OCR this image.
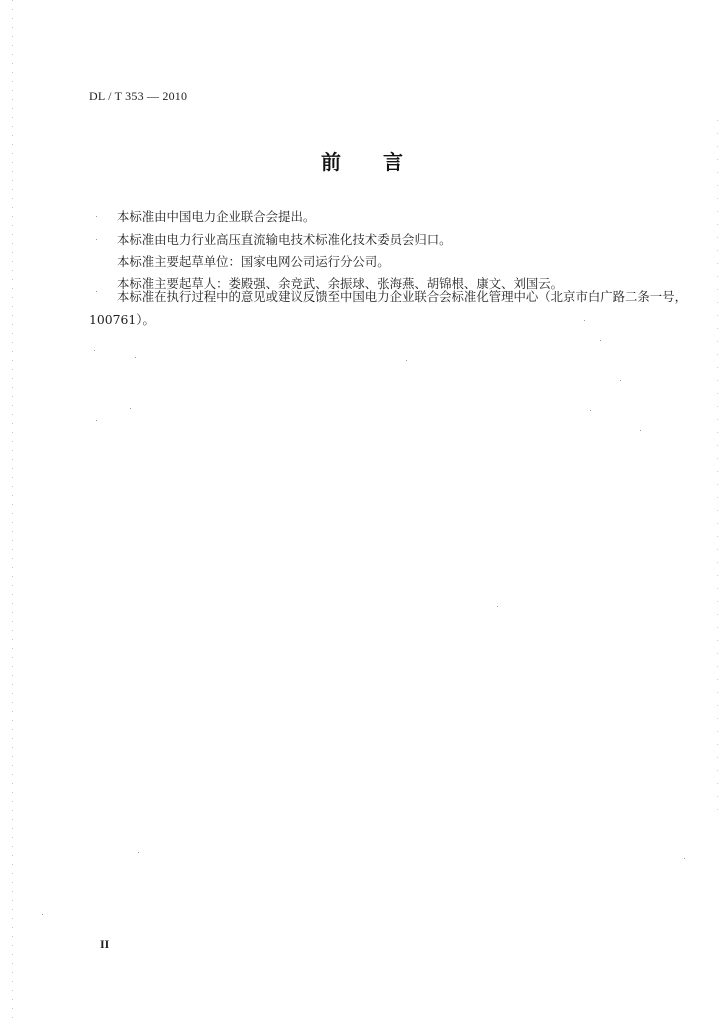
DL / T 353 — 2010
前 言
本标准由中国电力企业联合会提出。
本标准由电力行业高压直流输电技术标准化技术委员会归口。
本标准主要起草单位：国家电网公司运行分公司。
本标准主要起草人：娄殿强、余竞武、余振球、张海燕、胡锦根、康文、刘国云。
本标准在执行过程中的意见或建议反馈至中国电力企业联合会标准化管理中心（北京市白广路二条一号，100761）。
II
